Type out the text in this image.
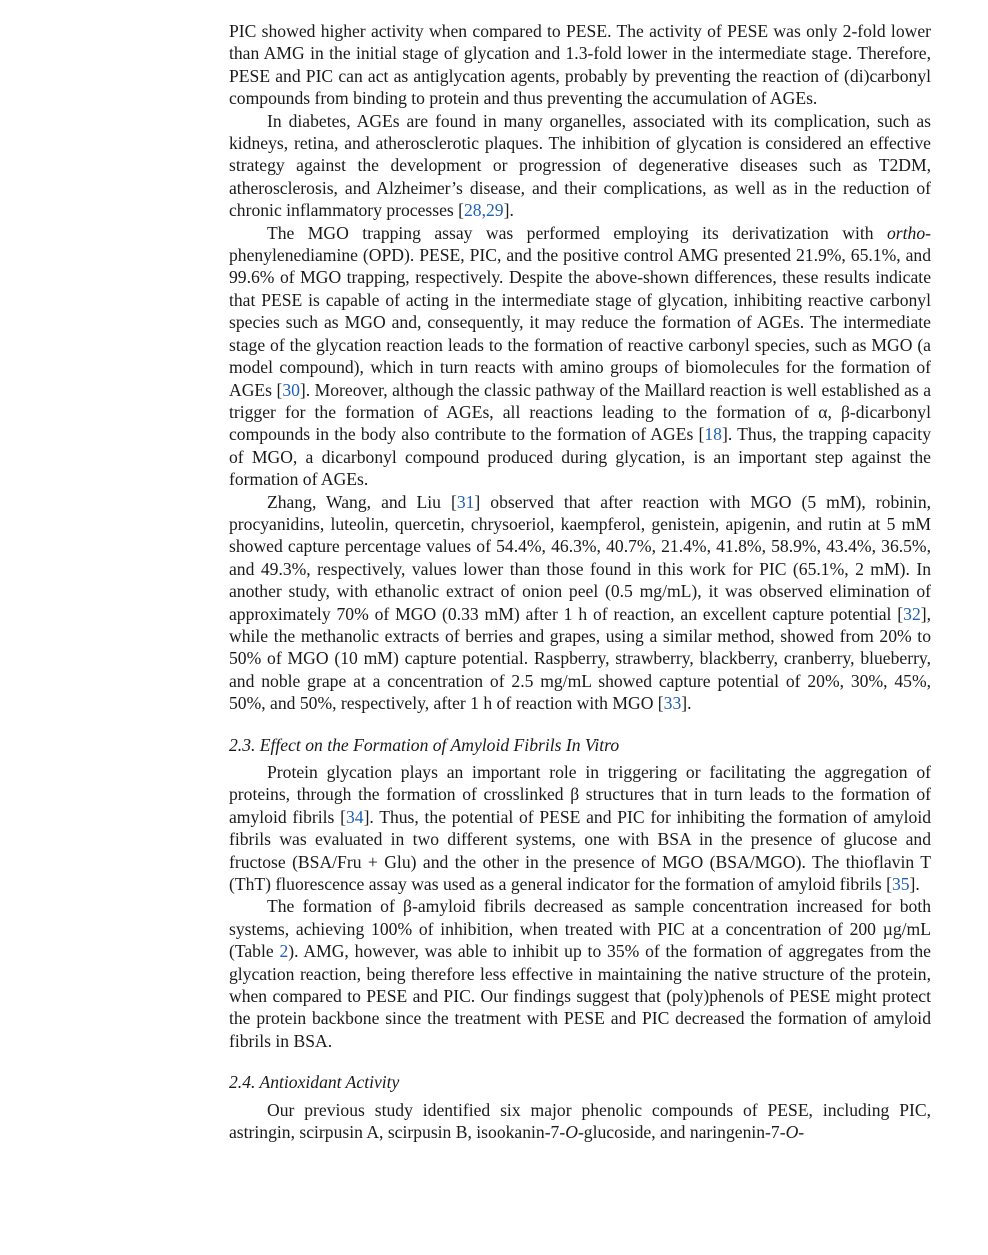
PIC showed higher activity when compared to PESE. The activity of PESE was only 2-fold lower than AMG in the initial stage of glycation and 1.3-fold lower in the intermediate stage. Therefore, PESE and PIC can act as antiglycation agents, probably by preventing the reaction of (di)carbonyl compounds from binding to protein and thus preventing the accumulation of AGEs.

In diabetes, AGEs are found in many organelles, associated with its complication, such as kidneys, retina, and atherosclerotic plaques. The inhibition of glycation is considered an effective strategy against the development or progression of degenerative diseases such as T2DM, atherosclerosis, and Alzheimer’s disease, and their complications, as well as in the reduction of chronic inflammatory processes [28,29].

The MGO trapping assay was performed employing its derivatization with ortho-phenylenediamine (OPD). PESE, PIC, and the positive control AMG presented 21.9%, 65.1%, and 99.6% of MGO trapping, respectively. Despite the above-shown differences, these results indicate that PESE is capable of acting in the intermediate stage of glycation, inhibiting reactive carbonyl species such as MGO and, consequently, it may reduce the formation of AGEs. The intermediate stage of the glycation reaction leads to the formation of reactive carbonyl species, such as MGO (a model compound), which in turn reacts with amino groups of biomolecules for the formation of AGEs [30]. Moreover, although the classic pathway of the Maillard reaction is well established as a trigger for the formation of AGEs, all reactions leading to the formation of α, β-dicarbonyl compounds in the body also contribute to the formation of AGEs [18]. Thus, the trapping capacity of MGO, a dicarbonyl compound produced during glycation, is an important step against the formation of AGEs.

Zhang, Wang, and Liu [31] observed that after reaction with MGO (5 mM), robinin, procyanidins, luteolin, quercetin, chrysoeriol, kaempferol, genistein, apigenin, and rutin at 5 mM showed capture percentage values of 54.4%, 46.3%, 40.7%, 21.4%, 41.8%, 58.9%, 43.4%, 36.5%, and 49.3%, respectively, values lower than those found in this work for PIC (65.1%, 2 mM). In another study, with ethanolic extract of onion peel (0.5 mg/mL), it was observed elimination of approximately 70% of MGO (0.33 mM) after 1 h of reaction, an excellent capture potential [32], while the methanolic extracts of berries and grapes, using a similar method, showed from 20% to 50% of MGO (10 mM) capture potential. Raspberry, strawberry, blackberry, cranberry, blueberry, and noble grape at a concentration of 2.5 mg/mL showed capture potential of 20%, 30%, 45%, 50%, and 50%, respectively, after 1 h of reaction with MGO [33].

2.3. Effect on the Formation of Amyloid Fibrils In Vitro

Protein glycation plays an important role in triggering or facilitating the aggregation of proteins, through the formation of crosslinked β structures that in turn leads to the formation of amyloid fibrils [34]. Thus, the potential of PESE and PIC for inhibiting the formation of amyloid fibrils was evaluated in two different systems, one with BSA in the presence of glucose and fructose (BSA/Fru + Glu) and the other in the presence of MGO (BSA/MGO). The thioflavin T (ThT) fluorescence assay was used as a general indicator for the formation of amyloid fibrils [35].

The formation of β-amyloid fibrils decreased as sample concentration increased for both systems, achieving 100% of inhibition, when treated with PIC at a concentration of 200 µg/mL (Table 2). AMG, however, was able to inhibit up to 35% of the formation of aggregates from the glycation reaction, being therefore less effective in maintaining the native structure of the protein, when compared to PESE and PIC. Our findings suggest that (poly)phenols of PESE might protect the protein backbone since the treatment with PESE and PIC decreased the formation of amyloid fibrils in BSA.

2.4. Antioxidant Activity

Our previous study identified six major phenolic compounds of PESE, including PIC, astringin, scirpusin A, scirpusin B, isookanin-7-O-glucoside, and naringenin-7-O-
